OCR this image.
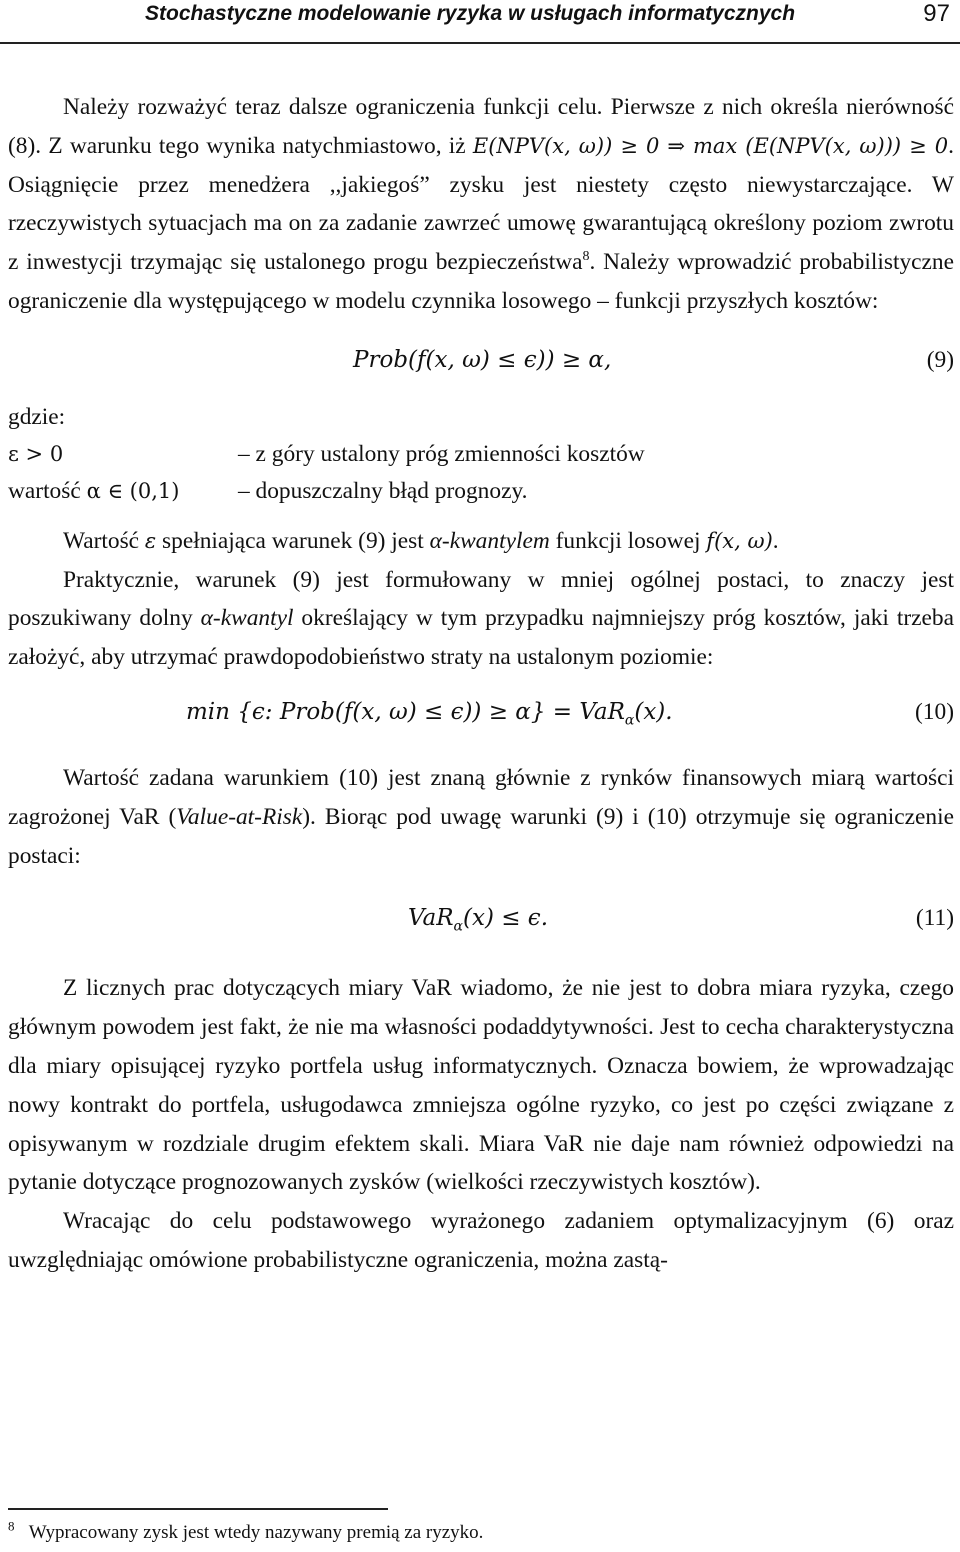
Stochastyczne modelowanie ryzyka w usługach informatycznych	97

Należy rozważyć teraz dalsze ograniczenia funkcji celu. Pierwsze z nich określa nierówność (8). Z warunku tego wynika natychmiastowo, iż E(NPV(x, ω)) ≥ 0 ⇒ max (E(NPV(x, ω))) ≥ 0. Osiągnięcie przez menedżera ,,jakiegoś” zysku jest niestety często niewystarczające. W rzeczywistych sytuacjach ma on za zadanie zawrzeć umowę gwarantującą określony poziom zwrotu z inwestycji trzymając się ustalonego progu bezpieczeństwa$^8$. Należy wprowadzić probabilistyczne ograniczenie dla występującego w modelu czynnika losowego – funkcji przyszłych kosztów:

Prob(f(x, ω) ≤ ϵ)) ≥ α,	(9)
gdzie:
ε > 0	– z góry ustalony próg zmienności kosztów
wartość α ∈ (0,1)	– dopuszczalny błąd prognozy.

Wartość ε spełniająca warunek (9) jest α-kwantylem funkcji losowej f(x, ω).

Praktycznie, warunek (9) jest formułowany w mniej ogólnej postaci, to znaczy jest poszukiwany dolny α-kwantyl określający w tym przypadku najmniejszy próg kosztów, jaki trzeba założyć, aby utrzymać prawdopodobieństwo straty na ustalonym poziomie:

min {ϵ: Prob(f(x, ω) ≤ ϵ)) ≥ α} = VaR$_\alpha$(x).	(10)

Wartość zadana warunkiem (10) jest znaną głównie z rynków finansowych miarą wartości zagrożonej VaR (Value-at-Risk). Biorąc pod uwagę warunki (9) i (10) otrzymuje się ograniczenie postaci:

VaR$_\alpha$(x) ≤ ϵ.	(11)

Z licznych prac dotyczących miary VaR wiadomo, że nie jest to dobra miara ryzyka, czego głównym powodem jest fakt, że nie ma własności podaddytywności. Jest to cecha charakterystyczna dla miary opisującej ryzyko portfela usług informatycznych. Oznacza bowiem, że wprowadzając nowy kontrakt do portfela, usługodawca zmniejsza ogólne ryzyko, co jest po części związane z opisywanym w rozdziale drugim efektem skali. Miara VaR nie daje nam również odpowiedzi na pytanie dotyczące prognozowanych zysków (wielkości rzeczywistych kosztów).

Wracając do celu podstawowego wyrażonego zadaniem optymalizacyjnym (6) oraz uwzględniając omówione probabilistyczne ograniczenia, można zastą-

$^8$ Wypracowany zysk jest wtedy nazywany premią za ryzyko.
